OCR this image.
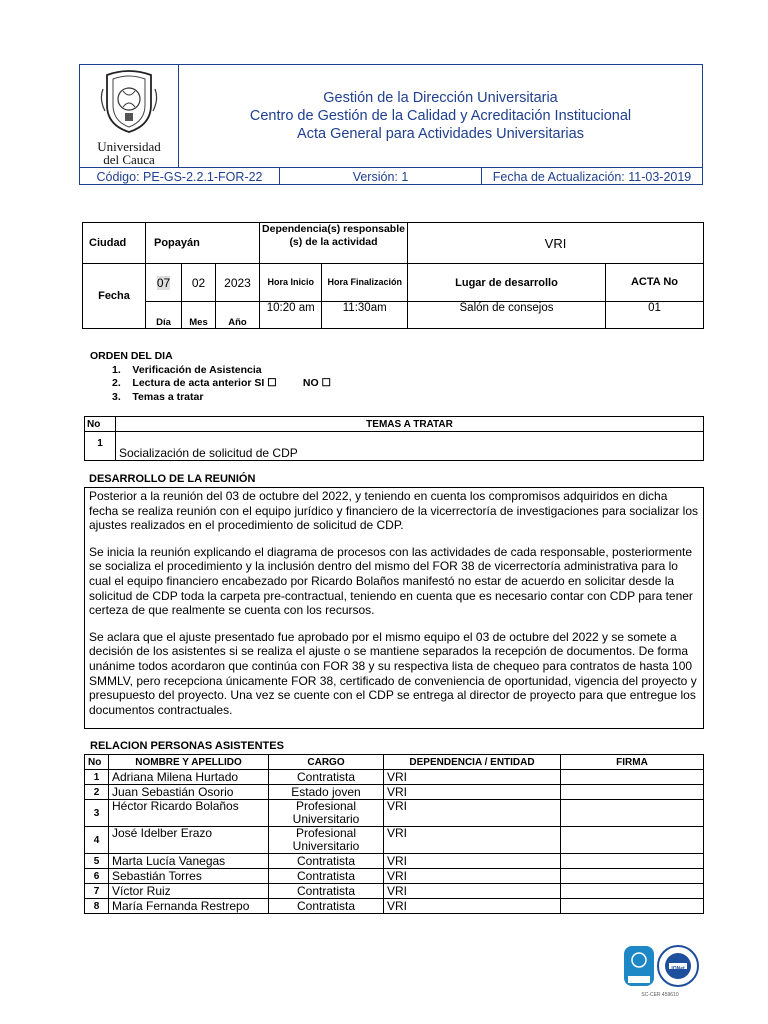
Universidad
del Cauca
Gestión de la Dirección Universitaria
Centro de Gestión de la Calidad y Acreditación Institucional
Acta General para Actividades Universitarias
Código: PE-GS-2.2.1-FOR-22	Versión: 1	Fecha de Actualización: 11-03-2019
Ciudad	Popayán			Dependencia(s) responsable (s) de la actividad		VRI	
Fecha	07	02	2023	Hora Inicio	Hora Finalización	Lugar de desarrollo	ACTA No
	Día	Mes	Año	10:20 am	11:30am	Salón de consejos	01
ORDEN DEL DIA
1.    Verificación de Asistencia
2.    Lectura de acta anterior SI ☐         NO ☐
3.    Temas a tratar
No	TEMAS A TRATAR
1	Socialización de solicitud de CDP
DESARROLLO DE LA REUNIÓN

Posterior a la reunión del 03 de octubre del 2022, y teniendo en cuenta los compromisos adquiridos en dicha fecha se realiza reunión con el equipo jurídico y financiero de la vicerrectoría de investigaciones para socializar los ajustes realizados en el procedimiento de solicitud de CDP.

Se inicia la reunión explicando el diagrama de procesos con las actividades de cada responsable, posteriormente se socializa el procedimiento y la inclusión dentro del mismo del FOR 38 de vicerrectoría administrativa para lo cual el equipo financiero encabezado por Ricardo Bolaños manifestó no estar de acuerdo en solicitar desde la solicitud de CDP toda la carpeta pre-contractual, teniendo en cuenta que es necesario contar con CDP para tener certeza de que realmente se cuenta con los recursos.

Se aclara que el ajuste presentado fue aprobado por el mismo equipo el 03 de octubre del 2022 y se somete a decisión de los asistentes si se realiza el ajuste o se mantiene separados la recepción de documentos. De forma unánime todos acordaron que continúa con FOR 38 y su respectiva lista de chequeo para contratos de hasta 100 SMMLV, pero recepciona únicamente FOR 38, certificado de conveniencia de oportunidad, vigencia del proyecto y presupuesto del proyecto. Una vez se cuente con el CDP se entrega al director de proyecto para que entregue los documentos contractuales.

RELACION PERSONAS ASISTENTES
No	NOMBRE Y APELLIDO	CARGO	DEPENDENCIA / ENTIDAD	FIRMA
1	Adriana Milena Hurtado	Contratista	VRI	
2	Juan Sebastián Osorio	Estado joven	VRI	
3	Héctor Ricardo Bolaños	Profesional Universitario	VRI	
4	José Idelber Erazo	Profesional Universitario	VRI	
5	Marta Lucía Vanegas	Contratista	VRI	
6	Sebastián Torres	Contratista	VRI	
7	Víctor Ruiz	Contratista	VRI	
8	María Fernanda Restrepo	Contratista	VRI	
icontec
IQNet
SC-CER 459610
